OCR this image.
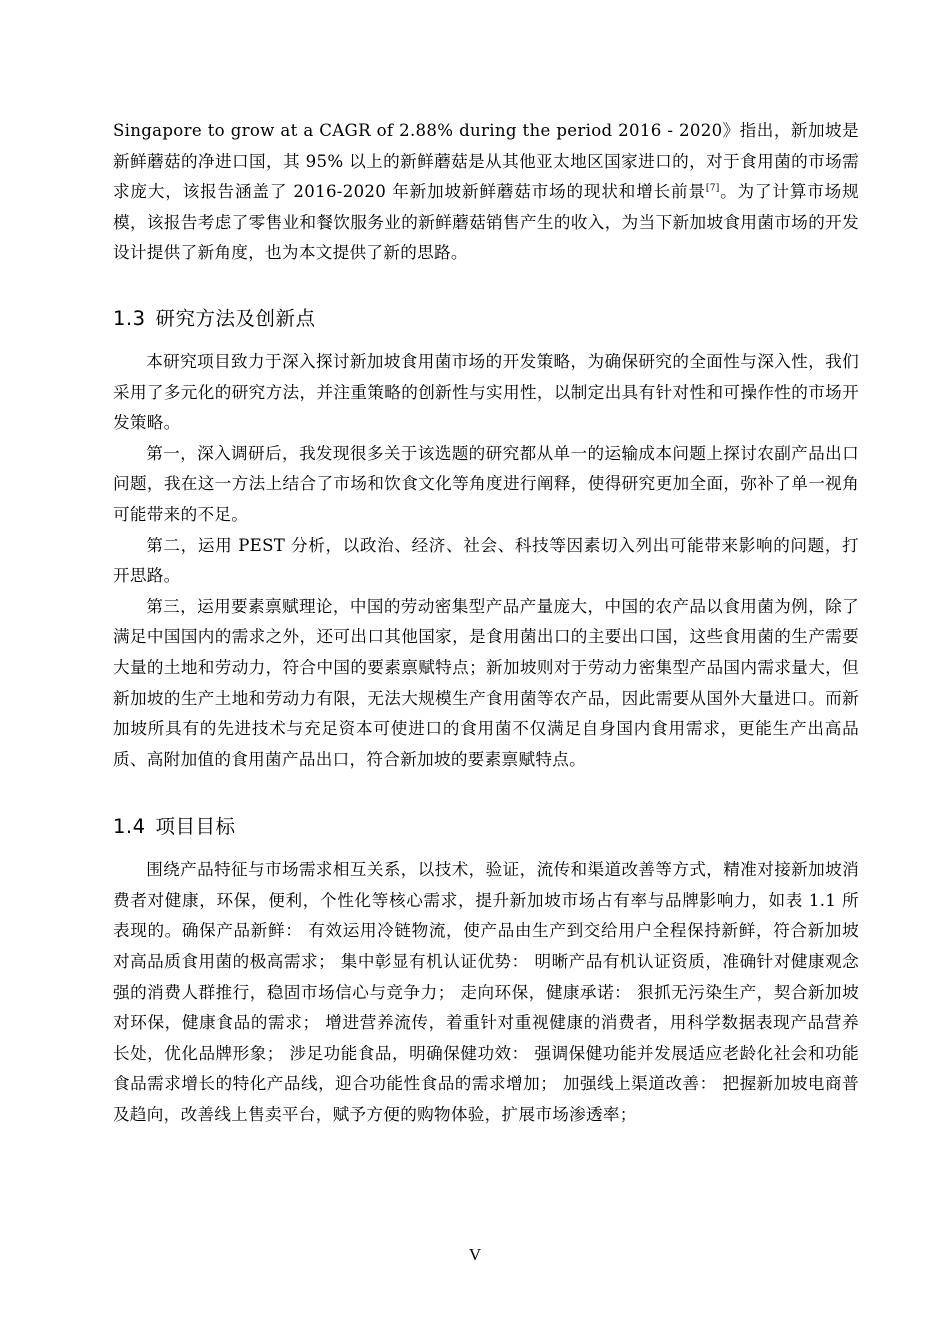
Singapore to grow at a CAGR of 2.88% during the period 2016 - 2020》指出，新加坡是新鲜蘑菇的净进口国，其 95% 以上的新鲜蘑菇是从其他亚太地区国家进口的，对于食用菌的市场需求庞大，该报告涵盖了 2016-2020 年新加坡新鲜蘑菇市场的现状和增长前景[7]。为了计算市场规模，该报告考虑了零售业和餐饮服务业的新鲜蘑菇销售产生的收入，为当下新加坡食用菌市场的开发设计提供了新角度，也为本文提供了新的思路。

1.3 研究方法及创新点

本研究项目致力于深入探讨新加坡食用菌市场的开发策略，为确保研究的全面性与深入性，我们采用了多元化的研究方法，并注重策略的创新性与实用性，以制定出具有针对性和可操作性的市场开发策略。

第一，深入调研后，我发现很多关于该选题的研究都从单一的运输成本问题上探讨农副产品出口问题，我在这一方法上结合了市场和饮食文化等角度进行阐释，使得研究更加全面，弥补了单一视角可能带来的不足。

第二，运用 PEST 分析，以政治、经济、社会、科技等因素切入列出可能带来影响的问题，打开思路。

第三，运用要素禀赋理论，中国的劳动密集型产品产量庞大，中国的农产品以食用菌为例，除了满足中国国内的需求之外，还可出口其他国家，是食用菌出口的主要出口国，这些食用菌的生产需要大量的土地和劳动力，符合中国的要素禀赋特点；新加坡则对于劳动力密集型产品国内需求量大，但新加坡的生产土地和劳动力有限，无法大规模生产食用菌等农产品，因此需要从国外大量进口。而新加坡所具有的先进技术与充足资本可使进口的食用菌不仅满足自身国内食用需求，更能生产出高品质、高附加值的食用菌产品出口，符合新加坡的要素禀赋特点。

1.4 项目目标

围绕产品特征与市场需求相互关系，以技术，验证，流传和渠道改善等方式，精准对接新加坡消费者对健康，环保，便利，个性化等核心需求，提升新加坡市场占有率与品牌影响力，如表 1.1 所表现的。确保产品新鲜： 有效运用冷链物流，使产品由生产到交给用户全程保持新鲜，符合新加坡对高品质食用菌的极高需求； 集中彰显有机认证优势： 明晰产品有机认证资质，准确针对健康观念强的消费人群推行，稳固市场信心与竞争力； 走向环保，健康承诺： 狠抓无污染生产，契合新加坡对环保，健康食品的需求； 增进营养流传，着重针对重视健康的消费者，用科学数据表现产品营养长处，优化品牌形象； 涉足功能食品，明确保健功效： 强调保健功能并发展适应老龄化社会和功能食品需求增长的特化产品线，迎合功能性食品的需求增加； 加强线上渠道改善： 把握新加坡电商普及趋向，改善线上售卖平台，赋予方便的购物体验，扩展市场渗透率；

V
